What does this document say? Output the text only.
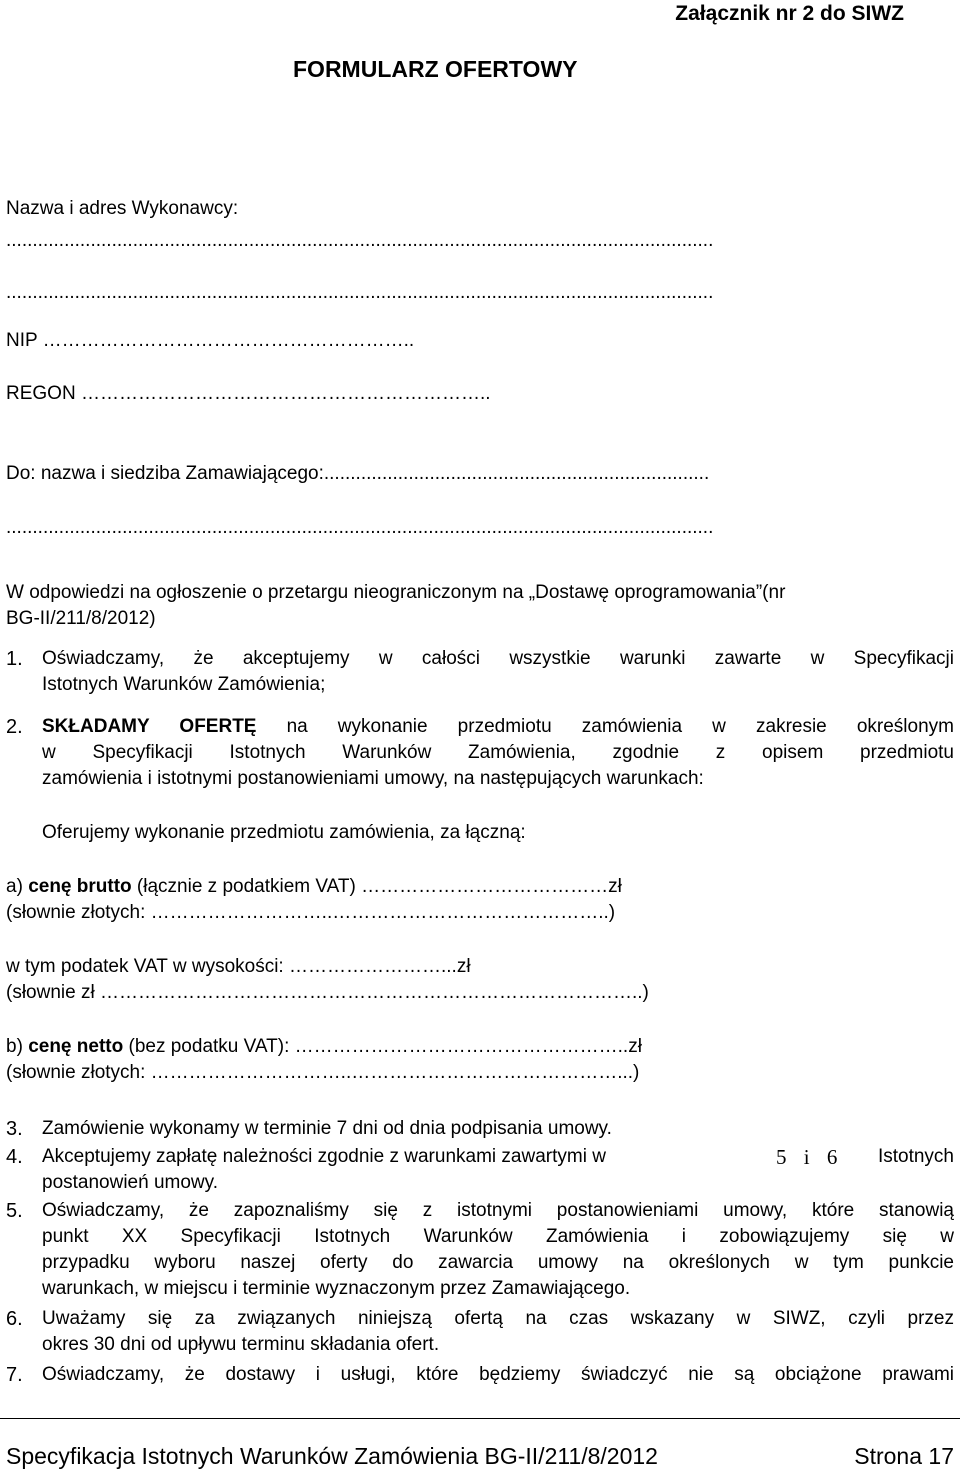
Załącznik nr 2 do SIWZ
FORMULARZ OFERTOWY
Nazwa i adres Wykonawcy:
......................................................................................................................................
......................................................................................................................................
NIP …………………………………………………..
REGON ………………………………………………………..
Do: nazwa i siedziba Zamawiającego:.........................................................................
......................................................................................................................................
W odpowiedzi na ogłoszenie o przetargu nieograniczonym na „Dostawę oprogramowania”(nr
BG-II/211/8/2012)
1. Oświadczamy, że akceptujemy w całości wszystkie warunki zawarte w Specyfikacji
Istotnych Warunków Zamówienia;
2. SKŁADAMY OFERTĘ na wykonanie przedmiotu zamówienia w zakresie określonym
w Specyfikacji Istotnych Warunków Zamówienia, zgodnie z opisem przedmiotu
zamówienia i istotnymi postanowieniami umowy, na następujących warunkach:
Oferujemy wykonanie przedmiotu zamówienia, za łączną:
a) cenę brutto (łącznie z podatkiem VAT) …………………………………zł
(słownie złotych: ………………………..……………………………………..)
w tym podatek VAT w wysokości: ……………………...zł
(słownie zł …………………………………………………………………………..)
b) cenę netto (bez podatku VAT): ……………………………………………..zł
(słownie złotych: …………………………..……………………………………...)
3. Zamówienie wykonamy w terminie 7 dni od dnia podpisania umowy.
4. Akceptujemy zapłatę należności zgodnie z warunkami zawartymi w	5 i 6 Istotnych
postanowień umowy.
5. Oświadczamy, że zapoznaliśmy się z istotnymi postanowieniami umowy, które stanowią
punkt XX Specyfikacji Istotnych Warunków Zamówienia i zobowiązujemy się w
przypadku wyboru naszej oferty do zawarcia umowy na określonych w tym punkcie
warunkach, w miejscu i terminie wyznaczonym przez Zamawiającego.
6. Uważamy się za związanych niniejszą ofertą na czas wskazany w SIWZ, czyli przez
okres 30 dni od upływu terminu składania ofert.
7. Oświadczamy, że dostawy i usługi, które będziemy świadczyć nie są obciążone prawami
Specyfikacja Istotnych Warunków Zamówienia BG-II/211/8/2012	Strona 17
